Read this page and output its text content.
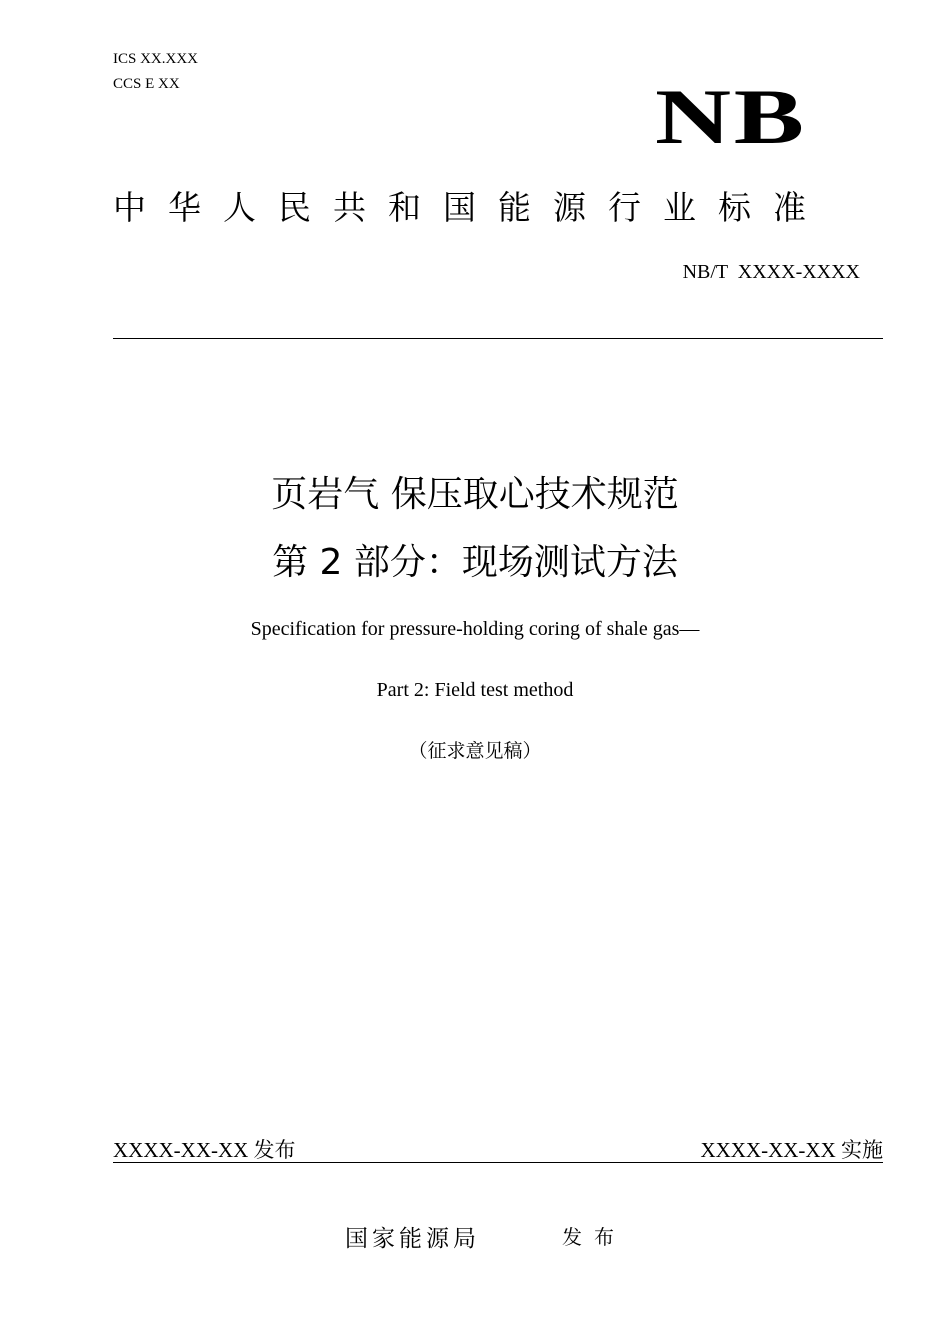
ICS XX.XXX
CCS E XX	NB
中华人民共和国能源行业标准
NB/T  XXXX-XXXX
页岩气 保压取心技术规范
第 2 部分：现场测试方法
Specification for pressure-holding coring of shale gas—
Part 2: Field test method
（征求意见稿）
XXXX-XX-XX 发布	XXXX-XX-XX 实施
国家能源局	发布
